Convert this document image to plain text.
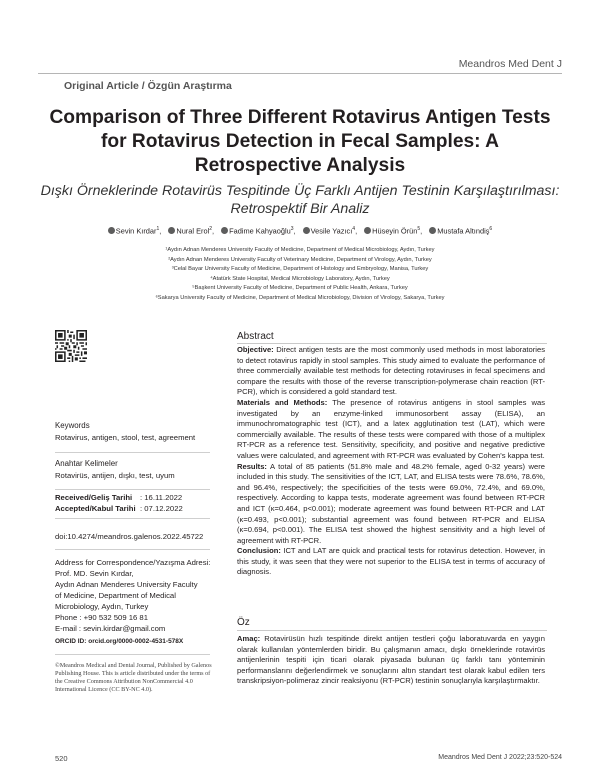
Meandros Med Dent J
Original Article / Özgün Araştırma
Comparison of Three Different Rotavirus Antigen Tests for Rotavirus Detection in Fecal Samples: A Retrospective Analysis
Dışkı Örneklerinde Rotavirüs Tespitinde Üç Farklı Antijen Testinin Karşılaştırılması: Retrospektif Bir Analiz
Sevin Kırdar$^1$, Nural Erol$^2$, Fadime Kahyaoğlu$^3$, Vesile Yazıcı$^4$, Hüseyin Örün$^5$, Mustafa Altındiş$^6$
¹Aydın Adnan Menderes University Faculty of Medicine, Department of Medical Microbiology, Aydın, Turkey
²Aydın Adnan Menderes University Faculty of Veterinary Medicine, Department of Virology, Aydın, Turkey
³Celal Bayar University Faculty of Medicine, Department of Histology and Embryology, Manisa, Turkey
⁴Atatürk State Hospital, Medical Microbiology Laboratory, Aydın, Turkey
⁵Başkent University Faculty of Medicine, Department of Public Health, Ankara, Turkey
⁶Sakarya University Faculty of Medicine, Department of Medical Microbiology, Division of Virology, Sakarya, Turkey
Keywords
Rotavirus, antigen, stool, test, agreement
Anahtar Kelimeler
Rotavirüs, antijen, dışkı, test, uyum
Received/Geliş Tarihi	: 16.11.2022
Accepted/Kabul Tarihi : 07.12.2022
doi:10.4274/meandros.galenos.2022.45722
Address for Correspondence/Yazışma Adresi:
Prof. MD. Sevin Kırdar,
Aydın Adnan Menderes University Faculty
of Medicine, Department of Medical
Microbiology, Aydın, Turkey
Phone : +90 532 509 16 81
E-mail : sevin.kirdar@gmail.com
ORCID ID: orcid.org/0000-0002-4531-578X
©Meandros Medical and Dental Journal, Published by Galenos Publishing House. This is article distributed under the terms of the Creative Commons Attribution NonCommercial 4.0 International Licence (CC BY-NC 4.0).
Abstract
Objective: Direct antigen tests are the most commonly used methods in most laboratories to detect rotavirus rapidly in stool samples. This study aimed to evaluate the performance of three commercially available test methods for detecting rotaviruses in fecal specimens and compare the results with those of the reverse transcription-polymerase chain reaction (RT-PCR), which is considered a gold standard test.
Materials and Methods: The presence of rotavirus antigens in stool samples was investigated by an enzyme-linked immunosorbent assay (ELISA), an immunochromatographic test (ICT), and a latex agglutination test (LAT), which were commercially available. The results of these tests were compared with those of a multiplex RT-PCR as a reference test. Sensitivity, specificity, and positive and negative predictive values were calculated, and agreement with RT-PCR was evaluated by Cohen's kappa test.
Results: A total of 85 patients (51.8% male and 48.2% female, aged 0-32 years) were included in this study. The sensitivities of the ICT, LAT, and ELISA tests were 78.6%, 78.6%, and 96.4%, respectively; the specificities of the tests were 69.0%, 72.4%, and 69.0%, respectively. According to kappa tests, moderate agreement was found between RT-PCR and ICT (κ=0.464, p<0.001); moderate agreement was found between RT-PCR and LAT (κ=0.493, p<0.001); substantial agreement was found between RT-PCR and ELISA (κ=0.694, p<0.001). The ELISA test showed the highest sensitivity and a high level of agreement with RT-PCR.
Conclusion: ICT and LAT are quick and practical tests for rotavirus detection. However, in this study, it was seen that they were not superior to the ELISA test in terms of accuracy of diagnosis.
Öz
Amaç: Rotavirüsün hızlı tespitinde direkt antijen testleri çoğu laboratuvarda en yaygın olarak kullanılan yöntemlerden biridir. Bu çalışmanın amacı, dışkı örneklerinde rotavirüs antijenlerinin tespiti için ticari olarak piyasada bulunan üç farklı tanı yönteminin performanslarını değerlendirmek ve sonuçlarını altın standart test olarak kabul edilen ters transkripsiyon-polimeraz zincir reaksiyonu (RT-PCR) testinin sonuçlarıyla karşılaştırmaktır.
520	Meandros Med Dent J 2022;23:520-524
